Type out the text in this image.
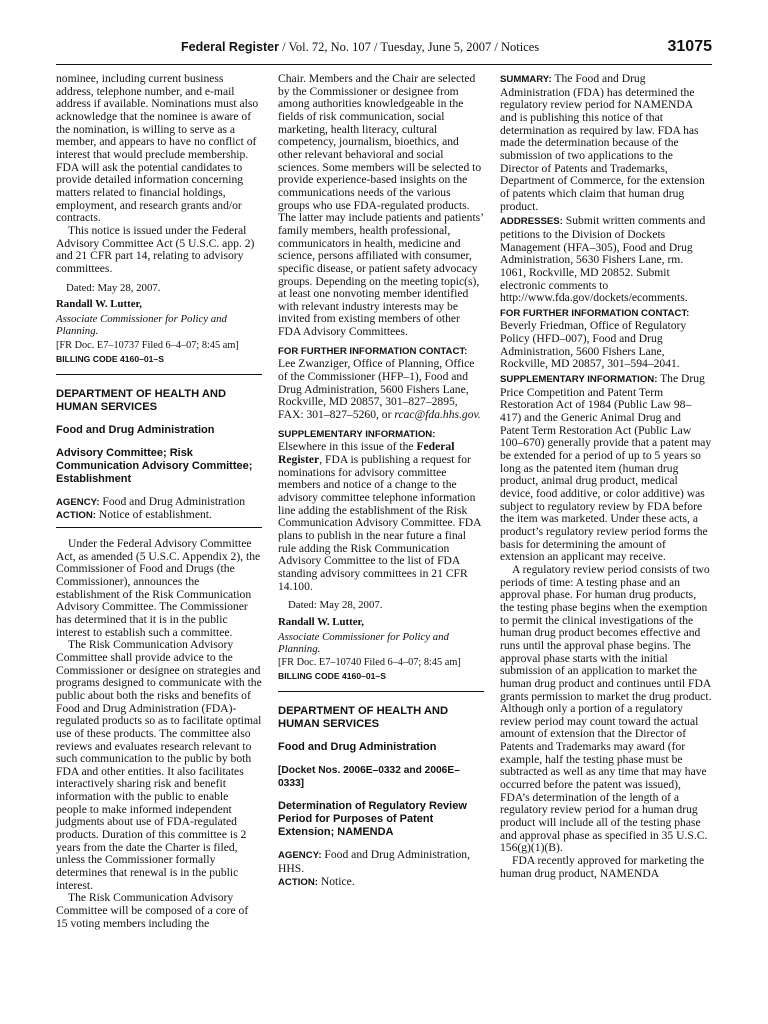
Federal Register / Vol. 72, No. 107 / Tuesday, June 5, 2007 / Notices	31075

nominee, including current business address, telephone number, and e-mail address if available. Nominations must also acknowledge that the nominee is aware of the nomination, is willing to serve as a member, and appears to have no conflict of interest that would preclude membership. FDA will ask the potential candidates to provide detailed information concerning matters related to financial holdings, employment, and research grants and/or contracts.

This notice is issued under the Federal Advisory Committee Act (5 U.S.C. app. 2) and 21 CFR part 14, relating to advisory committees.

Dated: May 28, 2007.

Randall W. Lutter,

Associate Commissioner for Policy and Planning.

[FR Doc. E7–10737 Filed 6–4–07; 8:45 am]

BILLING CODE 4160–01–S
DEPARTMENT OF HEALTH AND HUMAN SERVICES
Food and Drug Administration
Advisory Committee; Risk Communication Advisory Committee; Establishment

AGENCY: Food and Drug Administration

ACTION: Notice of establishment.

Under the Federal Advisory Committee Act, as amended (5 U.S.C. Appendix 2), the Commissioner of Food and Drugs (the Commissioner), announces the establishment of the Risk Communication Advisory Committee. The Commissioner has determined that it is in the public interest to establish such a committee.

The Risk Communication Advisory Committee shall provide advice to the Commissioner or designee on strategies and programs designed to communicate with the public about both the risks and benefits of Food and Drug Administration (FDA)-regulated products so as to facilitate optimal use of these products. The committee also reviews and evaluates research relevant to such communication to the public by both FDA and other entities. It also facilitates interactively sharing risk and benefit information with the public to enable people to make informed independent judgments about use of FDA-regulated products. Duration of this committee is 2 years from the date the Charter is filed, unless the Commissioner formally determines that renewal is in the public interest.

The Risk Communication Advisory Committee will be composed of a core of 15 voting members including the

Chair. Members and the Chair are selected by the Commissioner or designee from among authorities knowledgeable in the fields of risk communication, social marketing, health literacy, cultural competency, journalism, bioethics, and other relevant behavioral and social sciences. Some members will be selected to provide experience-based insights on the communications needs of the various groups who use FDA-regulated products. The latter may include patients and patients’ family members, health professional, communicators in health, medicine and science, persons affiliated with consumer, specific disease, or patient safety advocacy groups. Depending on the meeting topic(s), at least one nonvoting member identified with relevant industry interests may be invited from existing members of other FDA Advisory Committees.

FOR FURTHER INFORMATION CONTACT: Lee Zwanziger, Office of Planning, Office of the Commissioner (HFP–1), Food and Drug Administration, 5600 Fishers Lane, Rockville, MD 20857, 301–827–2895, FAX: 301–827–5260, or rcac@fda.hhs.gov.

SUPPLEMENTARY INFORMATION: Elsewhere in this issue of the Federal Register, FDA is publishing a request for nominations for advisory committee members and notice of a change to the advisory committee telephone information line adding the establishment of the Risk Communication Advisory Committee. FDA plans to publish in the near future a final rule adding the Risk Communication Advisory Committee to the list of FDA standing advisory committees in 21 CFR 14.100.

Dated: May 28, 2007.

Randall W. Lutter,

Associate Commissioner for Policy and Planning.

[FR Doc. E7–10740 Filed 6–4–07; 8:45 am]

BILLING CODE 4160–01–S
DEPARTMENT OF HEALTH AND HUMAN SERVICES
Food and Drug Administration
[Docket Nos. 2006E–0332 and 2006E–0333]
Determination of Regulatory Review Period for Purposes of Patent Extension; NAMENDA

AGENCY: Food and Drug Administration, HHS.

ACTION: Notice.

SUMMARY: The Food and Drug Administration (FDA) has determined the regulatory review period for NAMENDA and is publishing this notice of that determination as required by law. FDA has made the determination because of the submission of two applications to the Director of Patents and Trademarks, Department of Commerce, for the extension of patents which claim that human drug product.

ADDRESSES: Submit written comments and petitions to the Division of Dockets Management (HFA–305), Food and Drug Administration, 5630 Fishers Lane, rm. 1061, Rockville, MD 20852. Submit electronic comments to http://www.fda.gov/dockets/ecomments.

FOR FURTHER INFORMATION CONTACT: Beverly Friedman, Office of Regulatory Policy (HFD–007), Food and Drug Administration, 5600 Fishers Lane, Rockville, MD 20857, 301–594–2041.

SUPPLEMENTARY INFORMATION: The Drug Price Competition and Patent Term Restoration Act of 1984 (Public Law 98–417) and the Generic Animal Drug and Patent Term Restoration Act (Public Law 100–670) generally provide that a patent may be extended for a period of up to 5 years so long as the patented item (human drug product, animal drug product, medical device, food additive, or color additive) was subject to regulatory review by FDA before the item was marketed. Under these acts, a product’s regulatory review period forms the basis for determining the amount of extension an applicant may receive.

A regulatory review period consists of two periods of time: A testing phase and an approval phase. For human drug products, the testing phase begins when the exemption to permit the clinical investigations of the human drug product becomes effective and runs until the approval phase begins. The approval phase starts with the initial submission of an application to market the human drug product and continues until FDA grants permission to market the drug product. Although only a portion of a regulatory review period may count toward the actual amount of extension that the Director of Patents and Trademarks may award (for example, half the testing phase must be subtracted as well as any time that may have occurred before the patent was issued), FDA’s determination of the length of a regulatory review period for a human drug product will include all of the testing phase and approval phase as specified in 35 U.S.C. 156(g)(1)(B).

FDA recently approved for marketing the human drug product, NAMENDA
